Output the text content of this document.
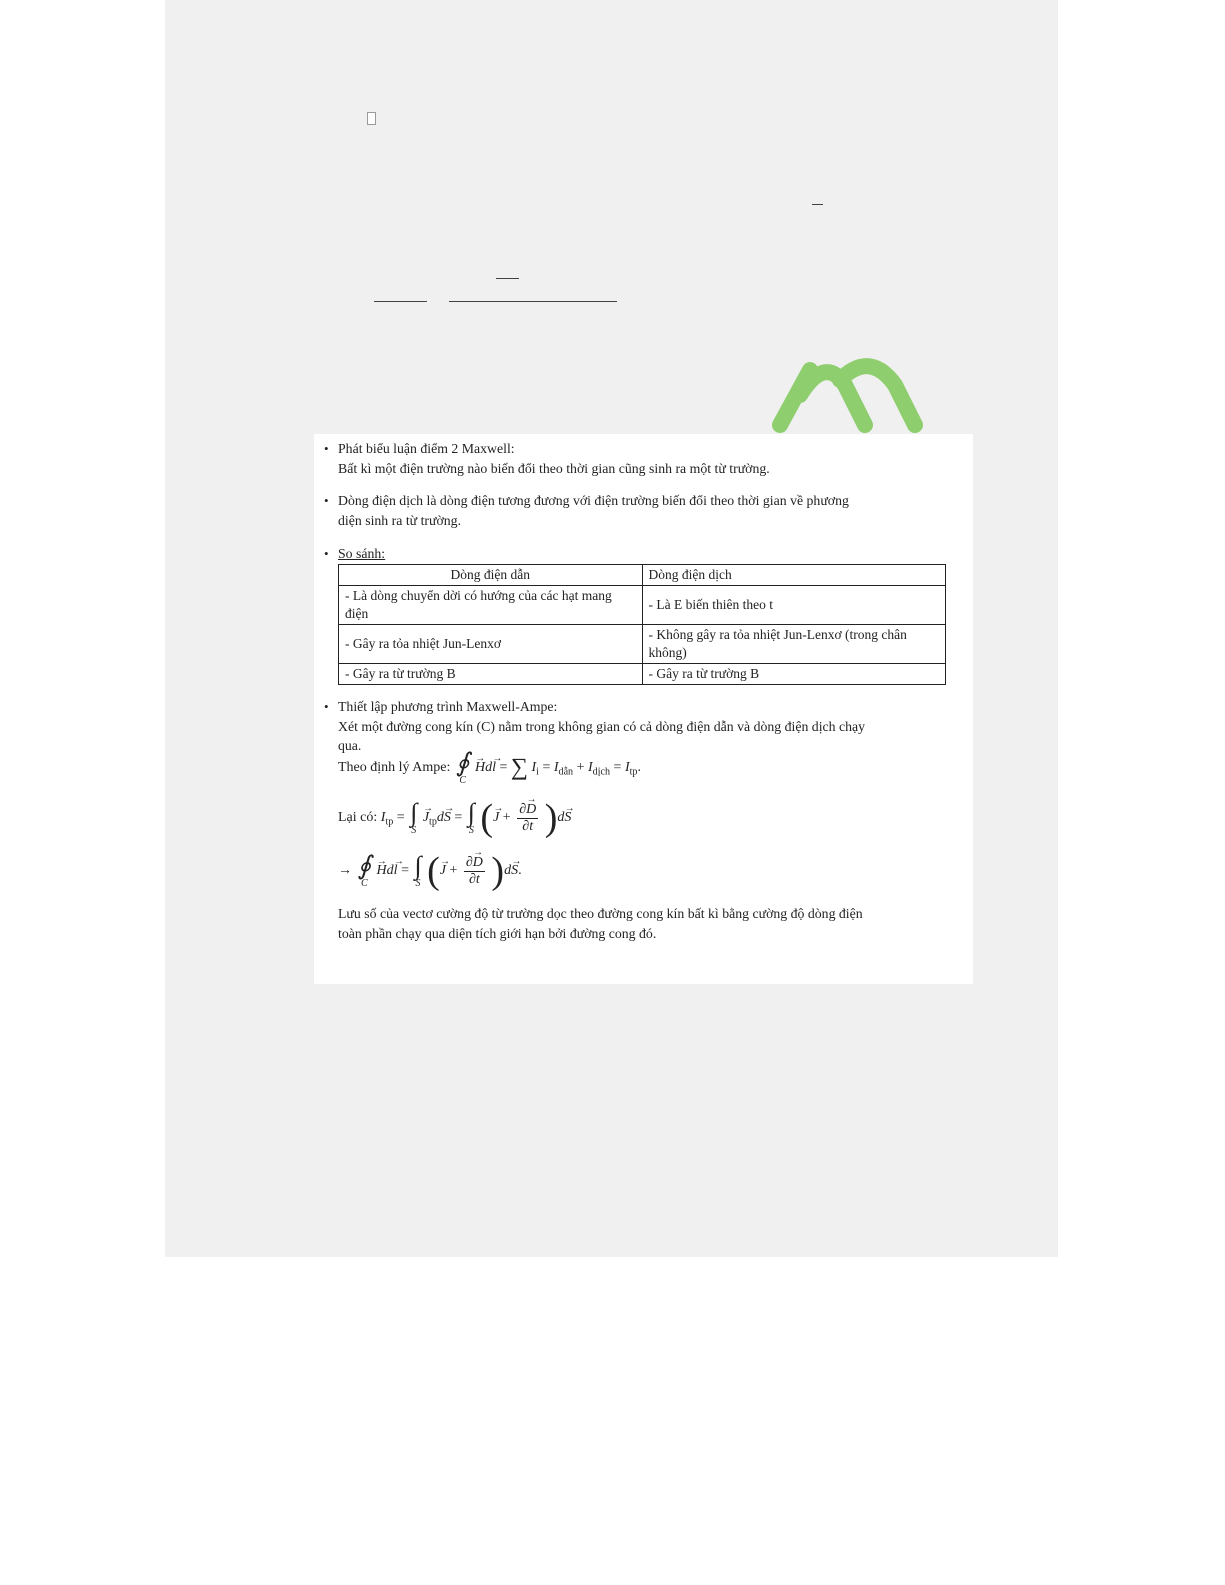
• Phát biểu luận điểm 2 Maxwell:
Bất kì một điện trường nào biến đổi theo thời gian cũng sinh ra một từ trường.
• Dòng điện dịch là dòng điện tương đương với điện trường biến đổi theo thời gian về phương
diện sinh ra từ trường.
• So sánh:
Dòng điện dẫn	Dòng điện dịch
- Là dòng chuyển dời có hướng của các hạt mang điện	- Là E biến thiên theo t
- Gây ra tỏa nhiệt Jun-Lenxơ	- Không gây ra tỏa nhiệt Jun-Lenxơ (trong chân không)
- Gây ra từ trường B	- Gây ra từ trường B
• Thiết lập phương trình Maxwell-Ampe:
Xét một đường cong kín (C) nằm trong không gian có cả dòng điện dẫn và dòng điện dịch chạy
qua.
Theo định lý Ampe: ∮
C
→ Hd→ l = ∑ $I_i = I_{dẫn} + I_{dịch} = I_{tp}$.
Lại có: $I_{tp}$ = ∫
S
→ $J_{tp}d\to S$ = ∫
S (→ $J + \frac{\partial\to D}{\partial t} )d\to S$
→ ∮
C
→ Hd→ l = ∫
S (→ $J + \frac{\partial\to D}{\partial t} )d\to S$.
Lưu số của vectơ cường độ từ trường dọc theo đường cong kín bất kì bằng cường độ dòng điện
toàn phần chạy qua diện tích giới hạn bởi đường cong đó.
